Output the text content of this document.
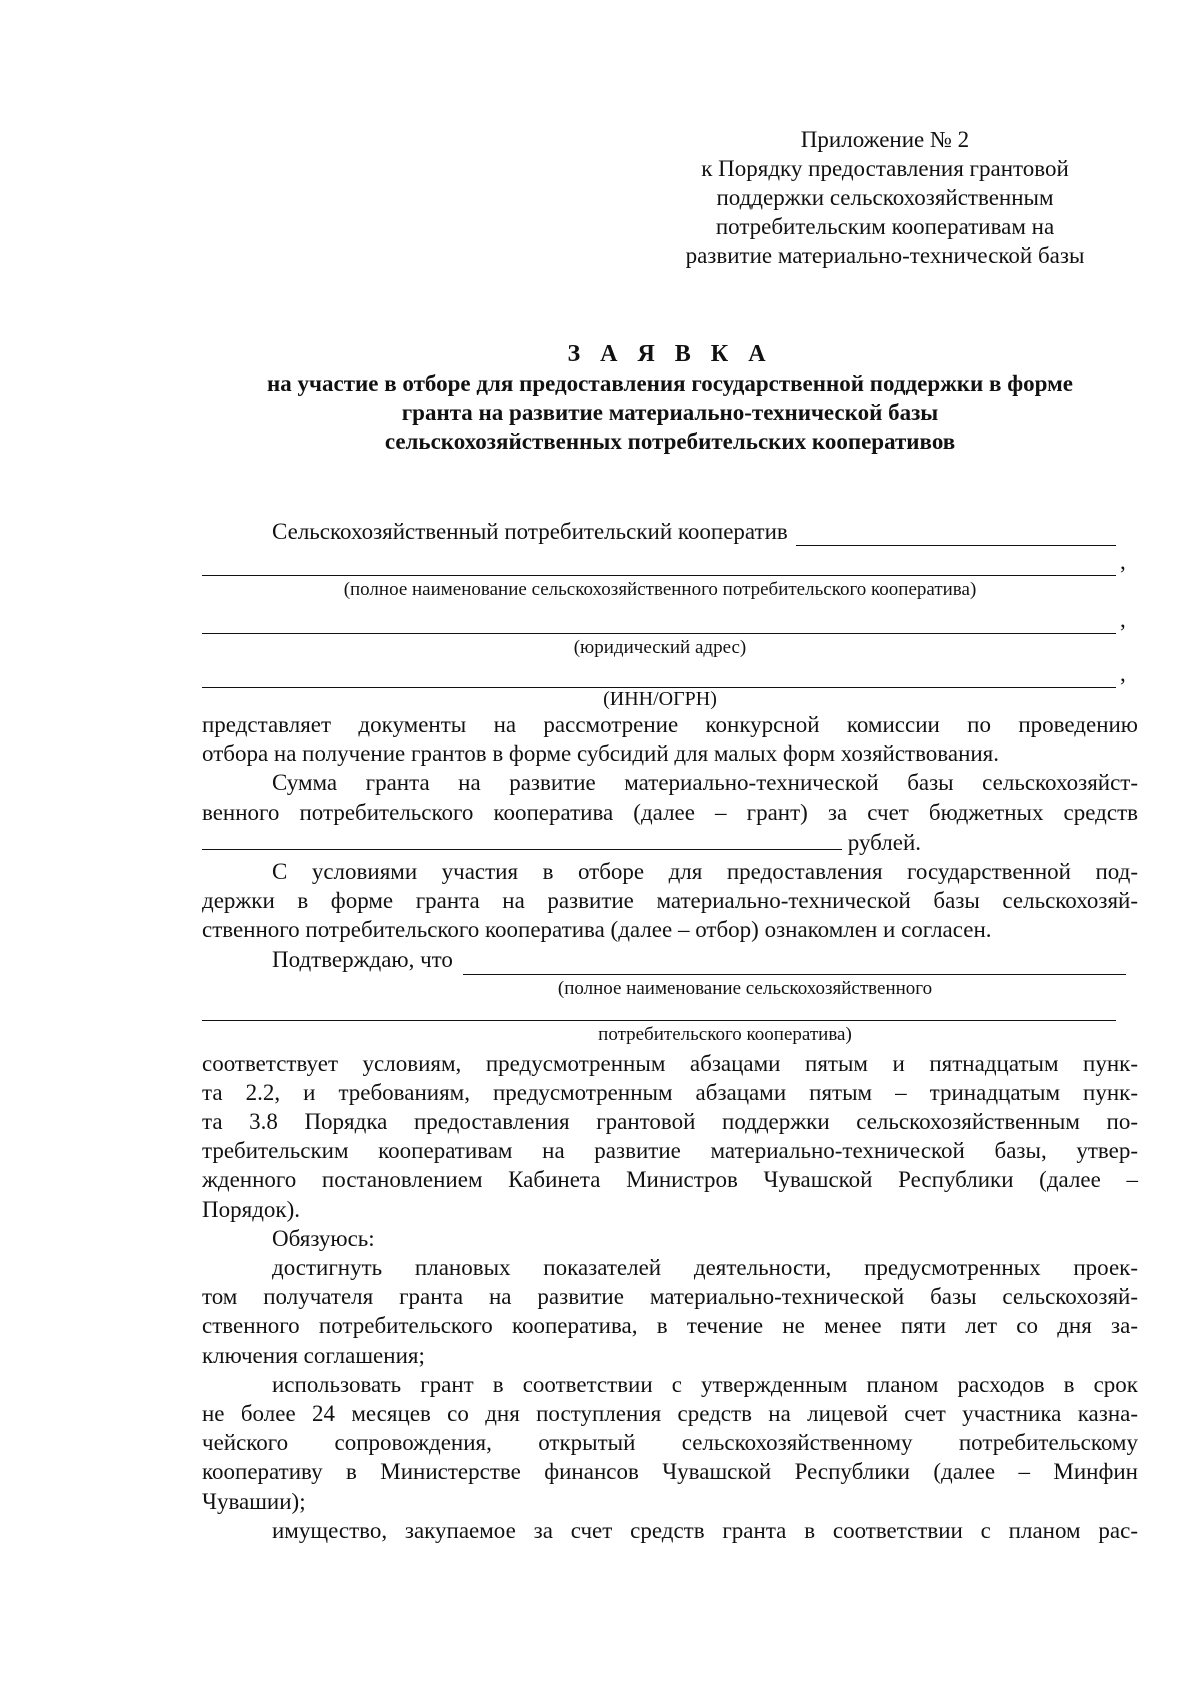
Приложение № 2
к Порядку предоставления грантовой
поддержки сельскохозяйственным
потребительским кооперативам на
развитие материально-технической базы
З А Я В К А
на участие в отборе для предоставления государственной поддержки в форме
гранта на развитие материально-технической базы
сельскохозяйственных потребительских кооперативов
Сельскохозяйственный потребительский кооператив
,
(полное наименование сельскохозяйственного потребительского кооператива)
,
(юридический адрес)
,
(ИНН/ОГРН)
представляет документы на рассмотрение конкурсной комиссии по проведению
отбора на получение грантов в форме субсидий для малых форм хозяйствования.
Сумма гранта на развитие материально-технической базы сельскохозяйст-
венного потребительского кооператива (далее – грант) за счет бюджетных средств
рублей.
С условиями участия в отборе для предоставления государственной под-
держки в форме гранта на развитие материально-технической базы сельскохозяй-
ственного потребительского кооператива (далее – отбор) ознакомлен и согласен.
Подтверждаю, что
(полное наименование сельскохозяйственного
потребительского кооператива)
соответствует условиям, предусмотренным абзацами пятым и пятнадцатым пунк-
та 2.2, и требованиям, предусмотренным абзацами пятым – тринадцатым пунк-
та 3.8 Порядка предоставления грантовой поддержки сельскохозяйственным по-
требительским кооперативам на развитие материально-технической базы, утвер-
жденного постановлением Кабинета Министров Чувашской Республики (далее –
Порядок).
Обязуюсь:
достигнуть плановых показателей деятельности, предусмотренных проек-
том получателя гранта на развитие материально-технической базы сельскохозяй-
ственного потребительского кооператива, в течение не менее пяти лет со дня за-
ключения соглашения;
использовать грант в соответствии с утвержденным планом расходов в срок
не более 24 месяцев со дня поступления средств на лицевой счет участника казна-
чейского сопровождения, открытый сельскохозяйственному потребительскому
кооперативу в Министерстве финансов Чувашской Республики (далее – Минфин
Чувашии);
имущество, закупаемое за счет средств гранта в соответствии с планом рас-
